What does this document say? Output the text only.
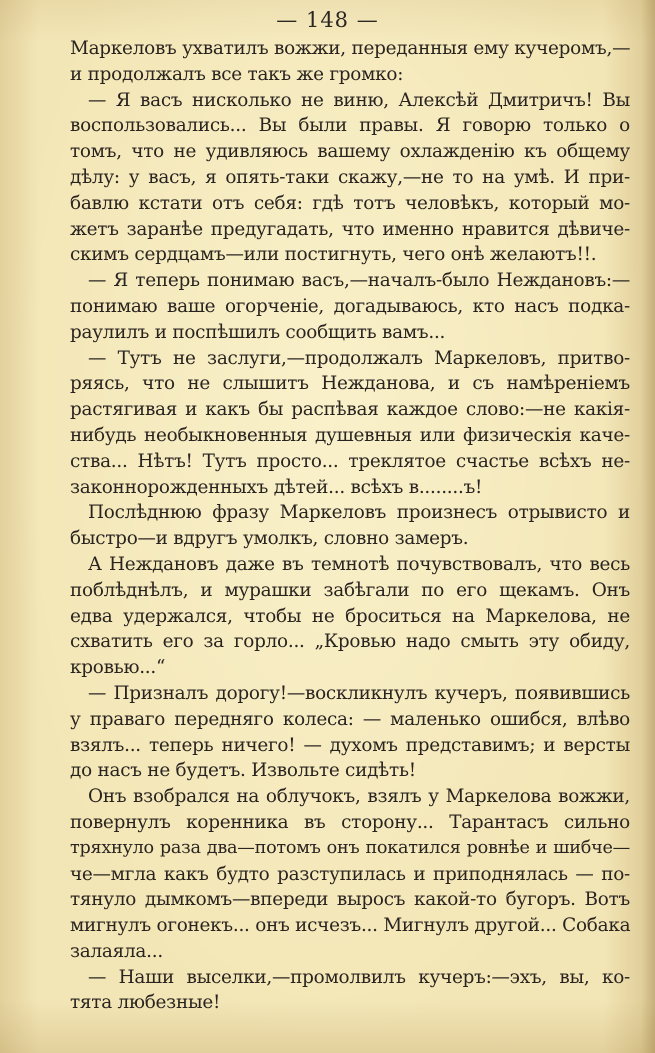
— 148 —
Маркеловъ ухватилъ вожжи, переданныя ему кучеромъ,—
и продолжалъ все такъ же громко:
— Я васъ нисколько не виню, Алексѣй Дмитричъ! Вы
воспользовались... Вы были правы. Я говорю только о
томъ, что не удивляюсь вашему охлажденію къ общему
дѣлу: у васъ, я опять-таки скажу,—не то на умѣ. И при-
бавлю кстати отъ себя: гдѣ тотъ человѣкъ, который мо-
жетъ заранѣе предугадать, что именно нравится дѣвиче-
скимъ сердцамъ—или постигнуть, чего онѣ желаютъ!!.
— Я теперь понимаю васъ,—началъ-было Неждановъ:—
понимаю ваше огорченіе, догадываюсь, кто насъ подка-
раулилъ и поспѣшилъ сообщить вамъ...
— Тутъ не заслуги,—продолжалъ Маркеловъ, притво-
ряясь, что не слышитъ Нежданова, и съ намѣреніемъ
растягивая и какъ бы распѣвая каждое слово:—не какія-
нибудь необыкновенныя душевныя или физическія каче-
ства... Нѣтъ! Тутъ просто... треклятое счастье всѣхъ не-
законнорожденныхъ дѣтей... всѣхъ в........ъ!
Послѣднюю фразу Маркеловъ произнесъ отрывисто и
быстро—и вдругъ умолкъ, словно замеръ.
А Неждановъ даже въ темнотѣ почувствовалъ, что весь
поблѣднѣлъ, и мурашки забѣгали по его щекамъ. Онъ
едва удержался, чтобы не броситься на Маркелова, не
схватить его за горло... „Кровью надо смыть эту обиду,
кровью...“
— Призналъ дорогу!—воскликнулъ кучеръ, появившись
у праваго передняго колеса: — маленько ошибся, влѣво
взялъ... теперь ничего! — духомъ представимъ; и версты
до насъ не будетъ. Извольте сидѣть!
Онъ взобрался на облучокъ, взялъ у Маркелова вожжи,
повернулъ коренника въ сторону... Тарантасъ сильно
тряхнуло раза два—потомъ онъ покатился ровнѣе и шибче—
че—мгла какъ будто разступилась и приподнялась — по-
тянуло дымкомъ—впереди выросъ какой-то бугоръ. Вотъ
мигнулъ огонекъ... онъ исчезъ... Мигнулъ другой... Собака
залаяла...
— Наши выселки,—промолвилъ кучеръ:—эхъ, вы, ко-
тята любезные!
